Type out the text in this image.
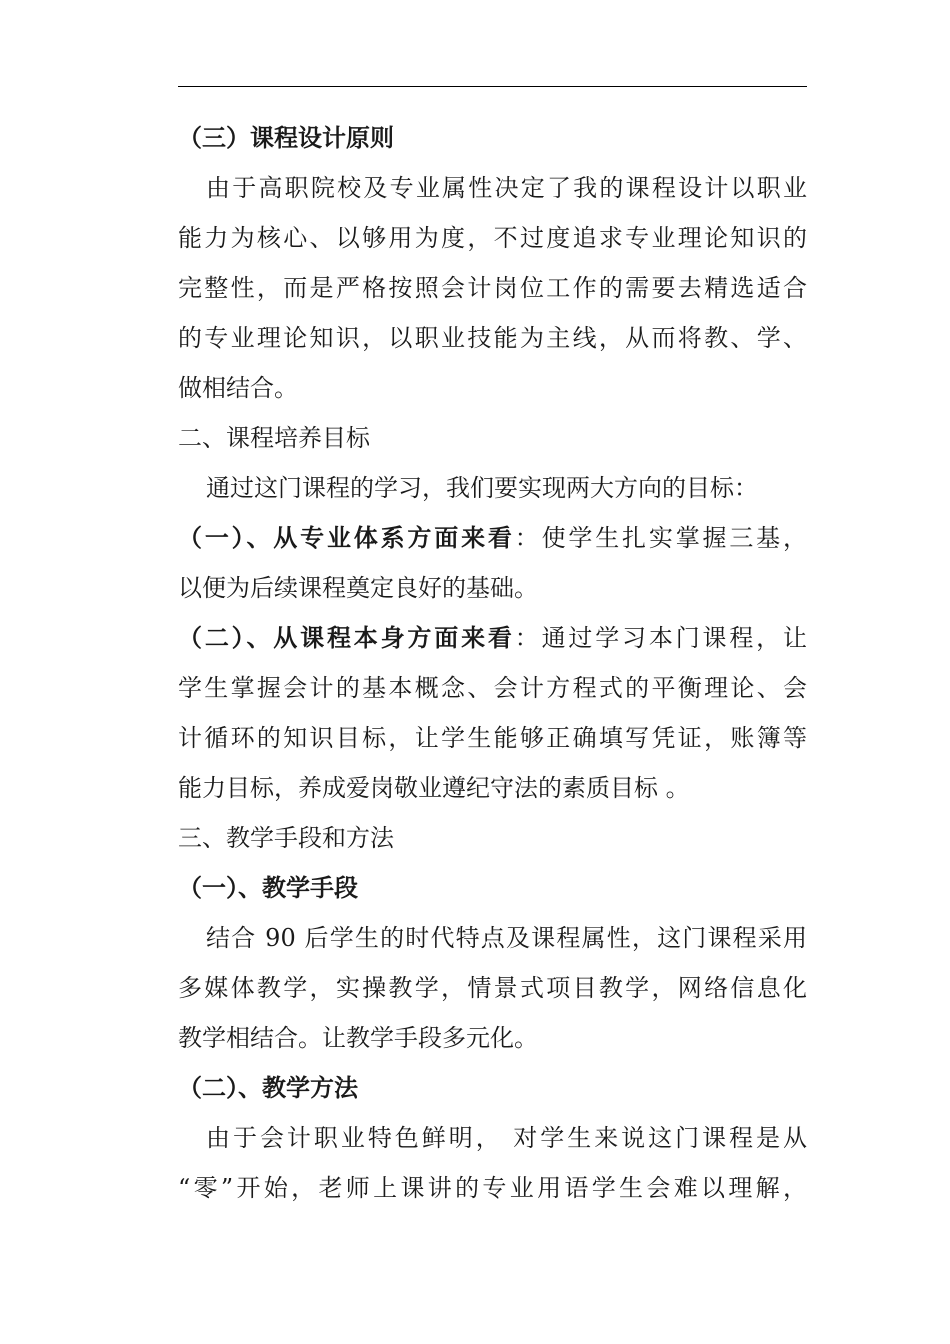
（三）课程设计原则
由于高职院校及专业属性决定了我的课程设计以职业
能力为核心、以够用为度，不过度追求专业理论知识的
完整性，而是严格按照会计岗位工作的需要去精选适合
的专业理论知识，以职业技能为主线，从而将教、学、
做相结合。
二、课程培养目标
通过这门课程的学习，我们要实现两大方向的目标：
（一）、从专业体系方面来看：使学生扎实掌握三基，
以便为后续课程奠定良好的基础。
（二）、从课程本身方面来看：通过学习本门课程，让
学生掌握会计的基本概念、会计方程式的平衡理论、会
计循环的知识目标，让学生能够正确填写凭证，账簿等
能力目标，养成爱岗敬业遵纪守法的素质目标 。
三、教学手段和方法
（一）、教学手段
结合 90 后学生的时代特点及课程属性，这门课程采用
多媒体教学，实操教学，情景式项目教学，网络信息化
教学相结合。让教学手段多元化。
（二）、教学方法
由于会计职业特色鲜明， 对学生来说这门课程是从
“零”开始，老师上课讲的专业用语学生会难以理解，
